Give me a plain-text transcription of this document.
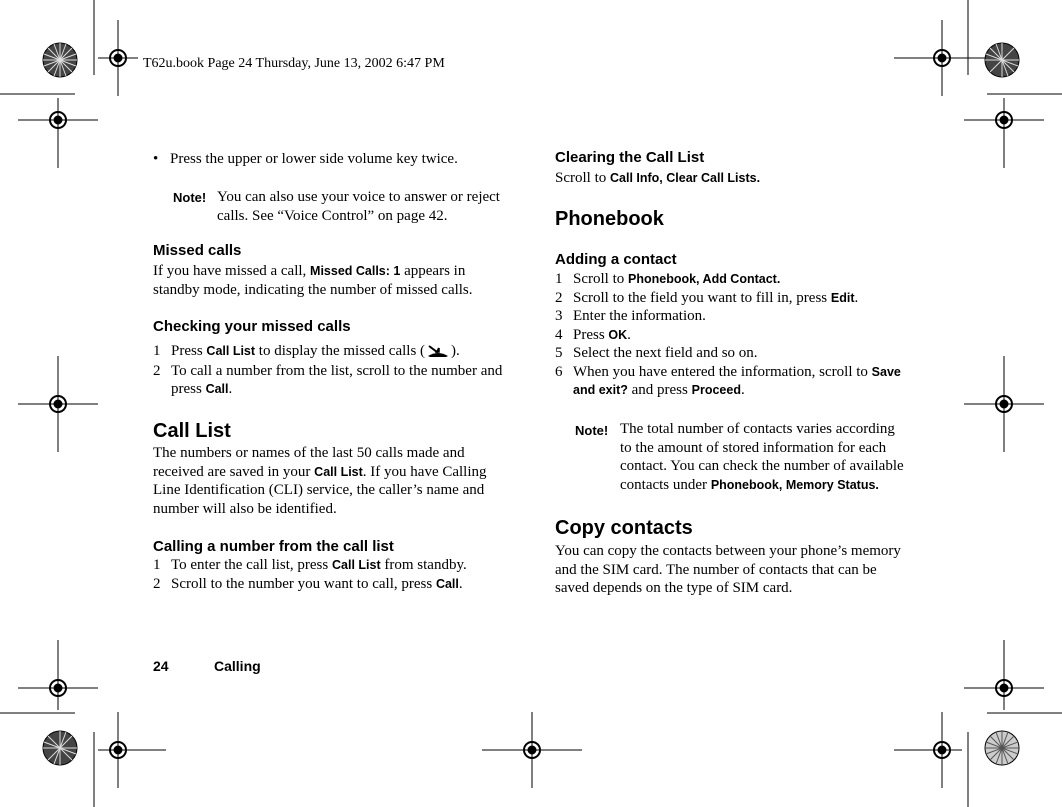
T62u.book Page 24 Thursday, June 13, 2002 6:47 PM
• Press the upper or lower side volume key twice.
Note! You can also use your voice to answer or reject
calls. See “Voice Control” on page 42.
Missed calls
If you have missed a call, Missed Calls: 1 appears in
standby mode, indicating the number of missed calls.
Checking your missed calls
1 Press Call List to display the missed calls ( ).
2 To call a number from the list, scroll to the number and
press Call.
Call List
The numbers or names of the last 50 calls made and
received are saved in your Call List. If you have Calling
Line Identification (CLI) service, the caller’s name and
number will also be identified.
Calling a number from the call list
1 To enter the call list, press Call List from standby.
2 Scroll to the number you want to call, press Call.
Clearing the Call List
Scroll to Call Info, Clear Call Lists.
Phonebook
Adding a contact
1 Scroll to Phonebook, Add Contact.
2 Scroll to the field you want to fill in, press Edit.
3 Enter the information.
4 Press OK.
5 Select the next field and so on.
6 When you have entered the information, scroll to Save
and exit? and press Proceed.
Note! The total number of contacts varies according
to the amount of stored information for each
contact. You can check the number of available
contacts under Phonebook, Memory Status.
Copy contacts
You can copy the contacts between your phone’s memory
and the SIM card. The number of contacts that can be
saved depends on the type of SIM card.
24	Calling
